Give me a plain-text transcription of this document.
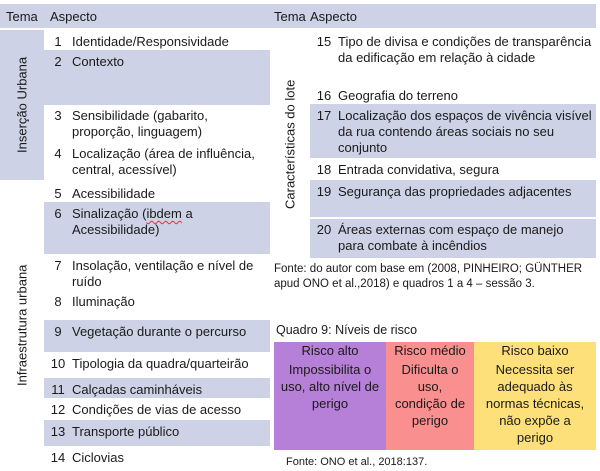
Tema Aspecto
Inserção Urbana
Infraestrutura urbana
1 Identidade/Responsividade
2 Contexto
3 Sensibilidade (gabarito, proporção, linguagem)
4 Localização (área de influência, central, acessível)
5 Acessibilidade
6 Sinalização (ibdem a Acessibilidade)
7 Insolação, ventilação e nível de ruído
8 Iluminação
9 Vegetação durante o percurso
10 Tipologia da quadra/quarteirão
11 Calçadas caminháveis
12 Condições de vias de acesso
13 Transporte público
14 Ciclovias
Tema Aspecto
Características do lote
15 Tipo de divisa e condições de transparência da edificação em relação à cidade
16 Geografia do terreno
17 Localização dos espaços de vivência visível da rua contendo áreas sociais no seu conjunto
18 Entrada convidativa, segura
19 Segurança das propriedades adjacentes
20 Áreas externas com espaço de manejo para combate à incêndios
Fonte: do autor com base em (2008, PINHEIRO; GÜNTHER apud ONO et al.,2018) e quadros 1 a 4 – sessão 3.
Quadro 9: Níveis de risco
Risco alto	Risco médio	Risco baixo
Impossibilita o uso, alto nível de perigo
Dificulta o uso, condição de perigo
Necessita ser adequado às normas técnicas, não expõe a perigo
Fonte: ONO et al., 2018:137.
